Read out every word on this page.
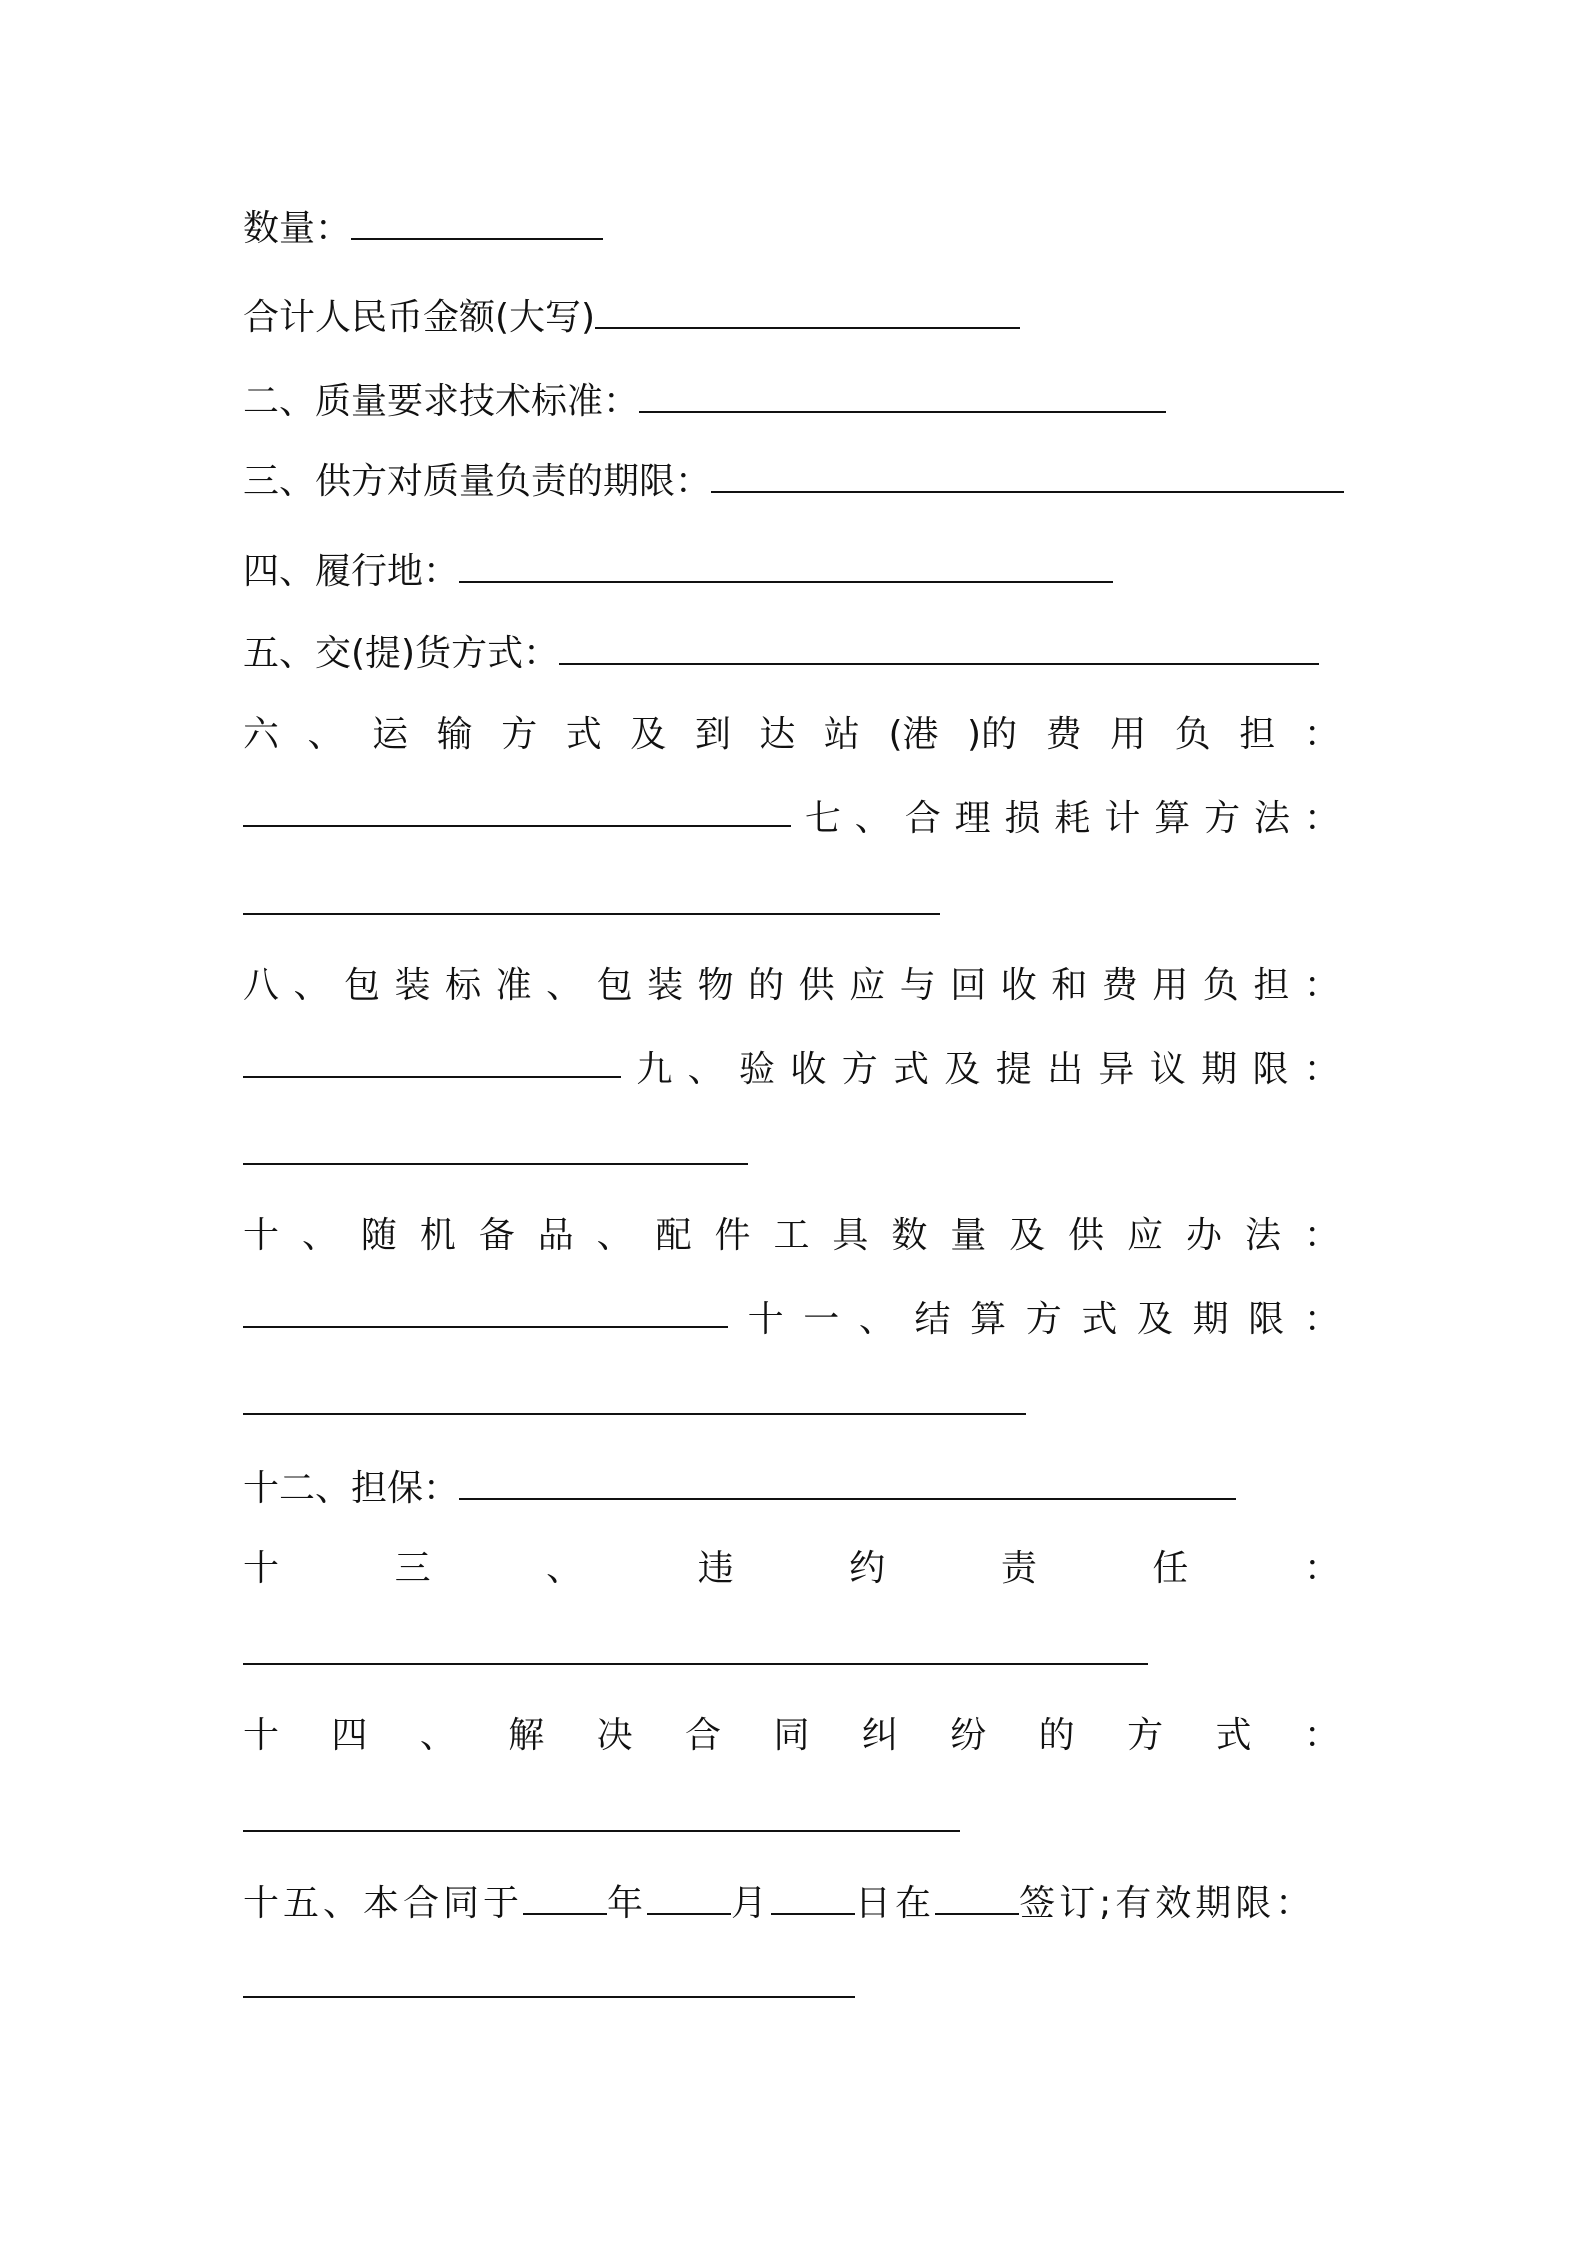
数量：
合计人民币金额(大写)
二、质量要求技术标准：
三、供方对质量负责的期限：
四、履行地：
五、交(提)货方式：
六 、 运 输 方 式 及 到 达 站 (港 )的 费 用 负 担 ：
七 、 合 理 损 耗 计 算 方 法 ：
八 、 包 装 标 准 、 包 装 物 的 供 应 与 回 收 和 费 用 负 担 ：
九 、 验 收 方 式 及 提 出 异 议 期 限 ：
十 、 随 机 备 品 、 配 件 工 具 数 量 及 供 应 办 法 ：
十 一 、 结 算 方 式 及 期 限 ：
十二、担保：
十	三	、	违	约	责	任	：
十 四 、 解 决 合 同 纠 纷 的 方 式 ：
十五、本合同于 年 月 日在 签订;有效期限：
